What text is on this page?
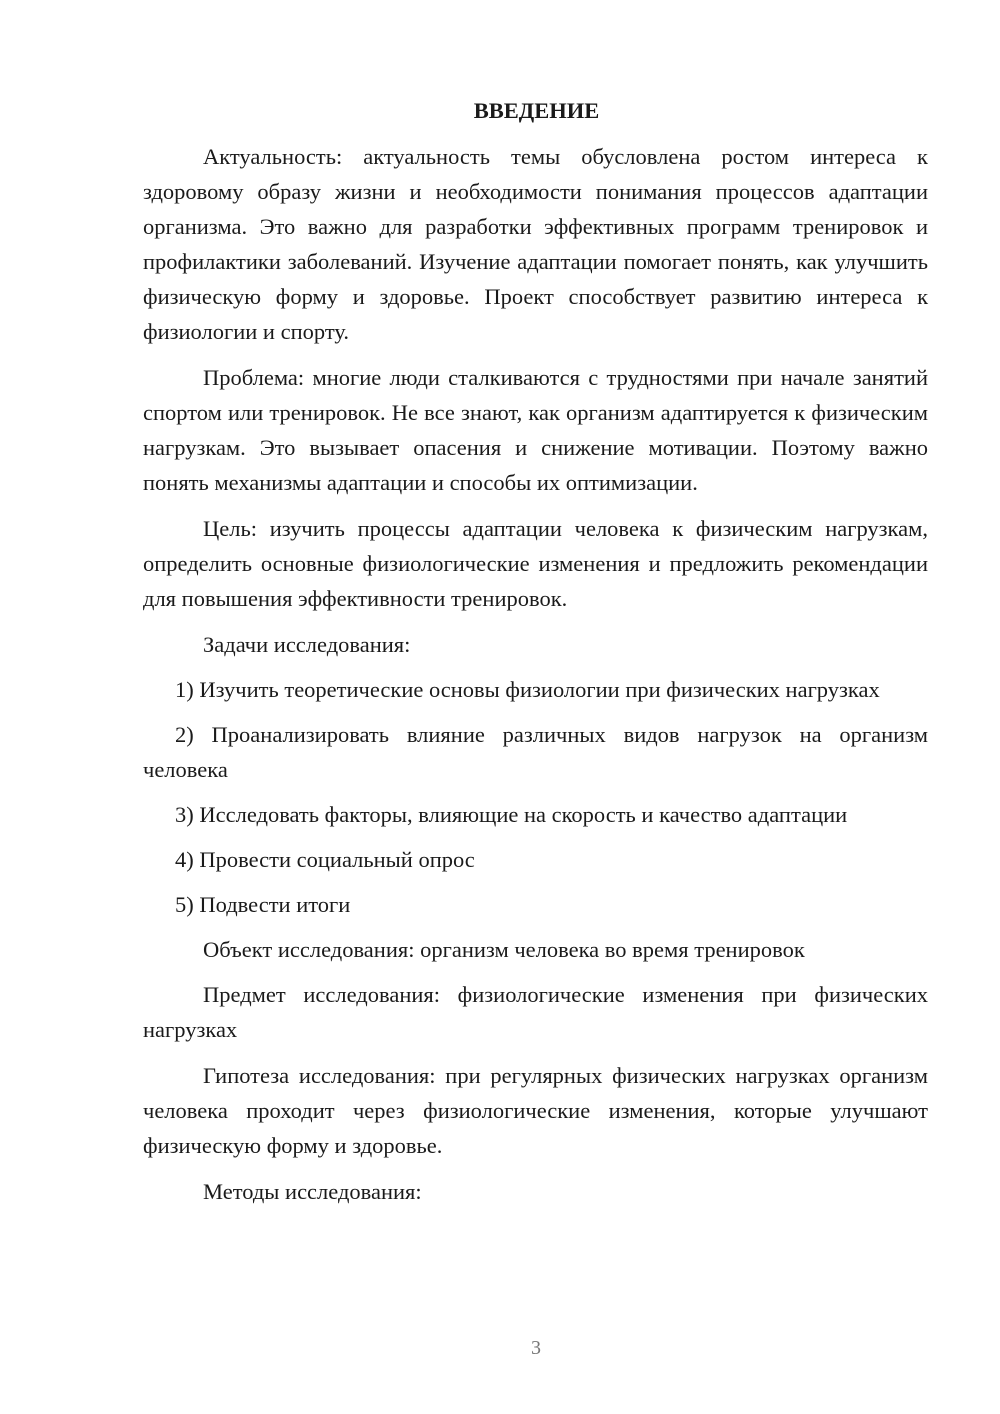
ВВЕДЕНИЕ

Актуальность: актуальность темы обусловлена ростом интереса к здоровому образу жизни и необходимости понимания процессов адаптации организма. Это важно для разработки эффективных программ тренировок и профилактики заболеваний. Изучение адаптации помогает понять, как улучшить физическую форму и здоровье. Проект способствует развитию интереса к физиологии и спорту.

Проблема: многие люди сталкиваются с трудностями при начале занятий спортом или тренировок. Не все знают, как организм адаптируется к физическим нагрузкам. Это вызывает опасения и снижение мотивации. Поэтому важно понять механизмы адаптации и способы их оптимизации.

Цель: изучить процессы адаптации человека к физическим нагрузкам, определить основные физиологические изменения и предложить рекомендации для повышения эффективности тренировок.

Задачи исследования:

1) Изучить теоретические основы физиологии при физических нагрузках

2) Проанализировать влияние различных видов нагрузок на организм человека

3) Исследовать факторы, влияющие на скорость и качество адаптации

4) Провести социальный опрос

5) Подвести итоги

Объект исследования: организм человека во время тренировок

Предмет исследования: физиологические изменения при физических нагрузках

Гипотеза исследования: при регулярных физических нагрузках организм человека проходит через физиологические изменения, которые улучшают физическую форму и здоровье.

Методы исследования:

3
